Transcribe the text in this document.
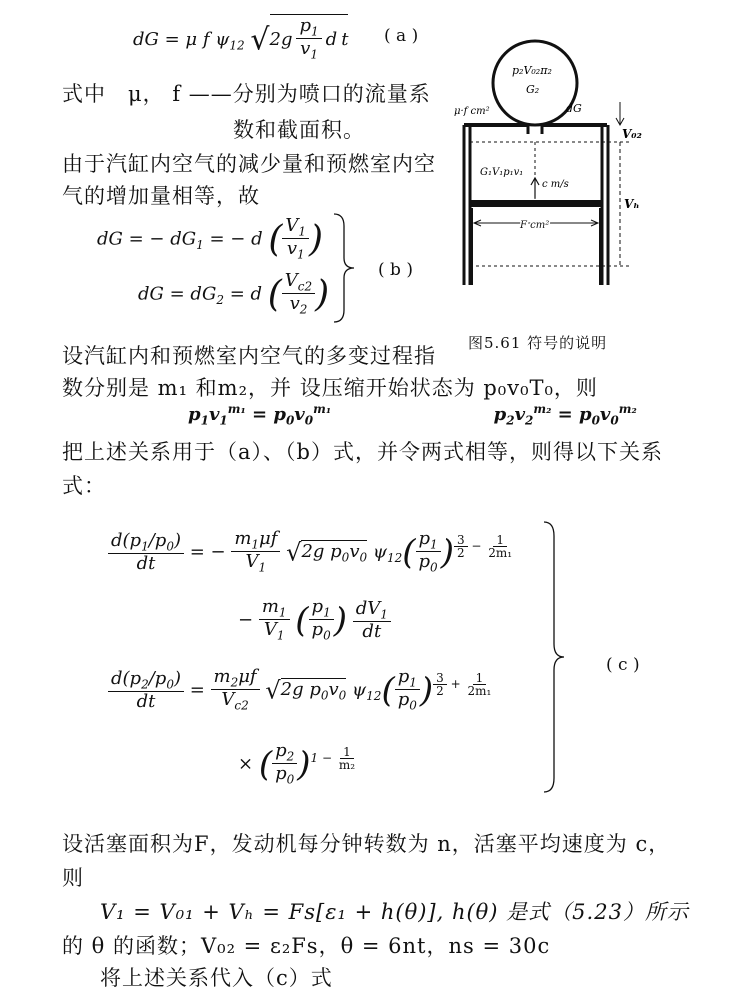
dG = μ f $\psi_{12}$ $√2g \frac{p_1}{v_1}$ d t ( a )
式中 μ， f ——分别为喷口的流量系
数和截面积。
由于汽缸内空气的减少量和预燃室内空
气的增加量相等，故
dG = − $dG_1$ = − d ( $\frac{V_1}{v_1}$ )
dG = $dG_2 = d$ ( $\frac{V_{c2}}{v_2}$ )
( b )
p₂V₀₂π₂
G₂
μ·f cm²	dG
V₀₂
G₁V₁p₁v₁
c m/s
Vₕ
F cm²
图5.61 符号的说明
设汽缸内和预燃室内空气的多变过程指
数分别是 m₁ 和m₂，并 设压缩开始状态为 p₀v₀T₀，则
$p_1v_1^{m_1} = p_0v_0^{m_1}$	$p_2v_2^{m_2} = p_0v_0^{m_2}$
把上述关系用于（a）、（b）式，并令两式相等，则得以下关系
式：
$\frac{d(p_1/p_0)}{dt}$ = − $\frac{m_1\mu f}{V_1} √2g$ $p_0v_0$ $\psi_{12}( \frac{p_1}{p_0}$ ) $^{\frac{3}{2} - \frac{1}{\text{2m₁}}}$
− $\frac{m_1}{V_1}$ ( $\frac{p_1}{p_0}$ ) $\frac{dV_1}{dt}$
$\frac{d(p_2/p_0)}{dt} = \frac{m_2\mu f}{V_{c2}} √2g$ $p_0v_0$ $\psi_{12}( \frac{p_1}{p_0}$ ) $^{\frac{3}{2} + \frac{1}{\text{2m₁}}}$
× ( $\frac{p_2}{p_0} )^{1 - \frac{1}{\text{m₂}}}$
( c )
设活塞面积为F，发动机每分钟转数为 n，活塞平均速度为 c，
则
V₁ = V₀₁ + Vₕ = Fs[ε₁ + h(θ)], h(θ) 是式（5.23）所示
的 θ 的函数；V₀₂ = ε₂Fs，θ = 6nt，ns = 30c
将上述关系代入（c）式
